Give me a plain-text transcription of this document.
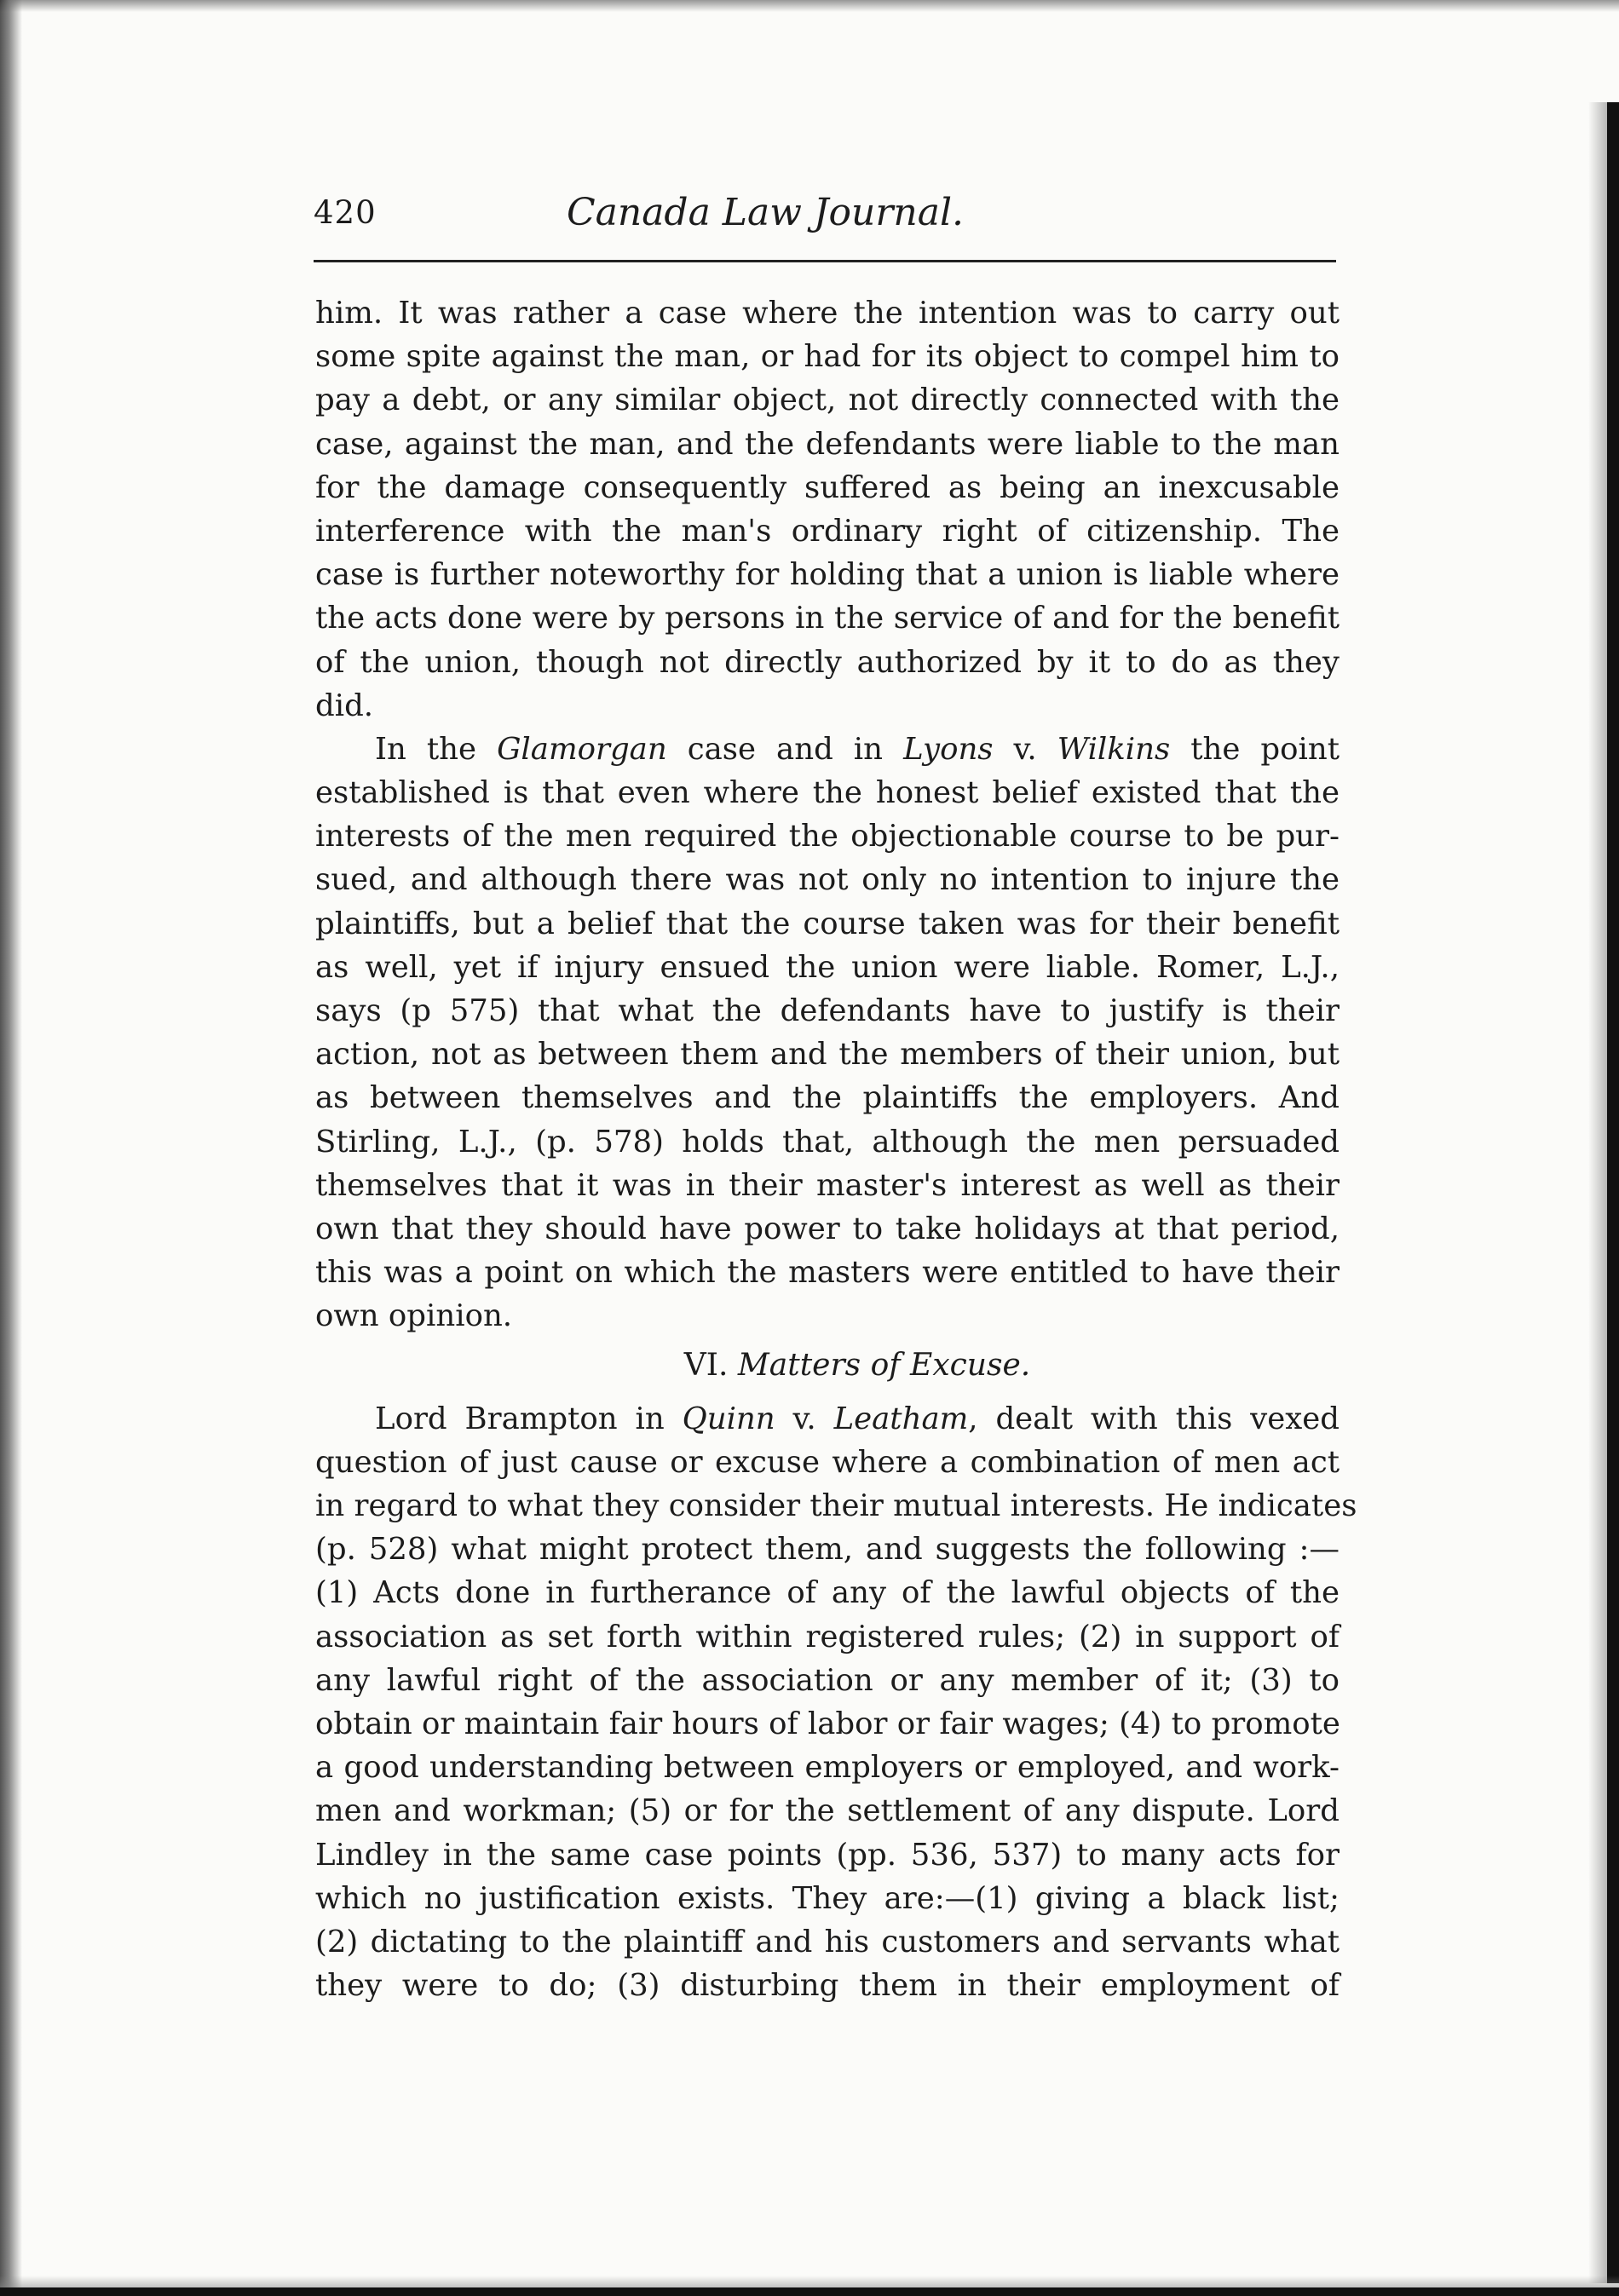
420	Canada Law Journal.
him. It was rather a case where the intention was to carry out
some spite against the man, or had for its object to compel him to
pay a debt, or any similar object, not directly connected with the
case, against the man, and the defendants were liable to the man
for the damage consequently suffered as being an inexcusable
interference with the man's ordinary right of citizenship. The
case is further noteworthy for holding that a union is liable where
the acts done were by persons in the service of and for the benefit
of the union, though not directly authorized by it to do as they
did.
In the Glamorgan case and in Lyons v. Wilkins the point
established is that even where the honest belief existed that the
interests of the men required the objectionable course to be pur-
sued, and although there was not only no intention to injure the
plaintiffs, but a belief that the course taken was for their benefit
as well, yet if injury ensued the union were liable. Romer, L.J.,
says (p 575) that what the defendants have to justify is their
action, not as between them and the members of their union, but
as between themselves and the plaintiffs the employers. And
Stirling, L.J., (p. 578) holds that, although the men persuaded
themselves that it was in their master's interest as well as their
own that they should have power to take holidays at that period,
this was a point on which the masters were entitled to have their
own opinion.
VI. Matters of Excuse.
Lord Brampton in Quinn v. Leatham, dealt with this vexed
question of just cause or excuse where a combination of men act
in regard to what they consider their mutual interests. He indicates
(p. 528) what might protect them, and suggests the following :—
(1) Acts done in furtherance of any of the lawful objects of the
association as set forth within registered rules; (2) in support of
any lawful right of the association or any member of it; (3) to
obtain or maintain fair hours of labor or fair wages; (4) to promote
a good understanding between employers or employed, and work-
men and workman; (5) or for the settlement of any dispute. Lord
Lindley in the same case points (pp. 536, 537) to many acts for
which no justification exists. They are:—(1) giving a black list;
(2) dictating to the plaintiff and his customers and servants what
they were to do; (3) disturbing them in their employment of
